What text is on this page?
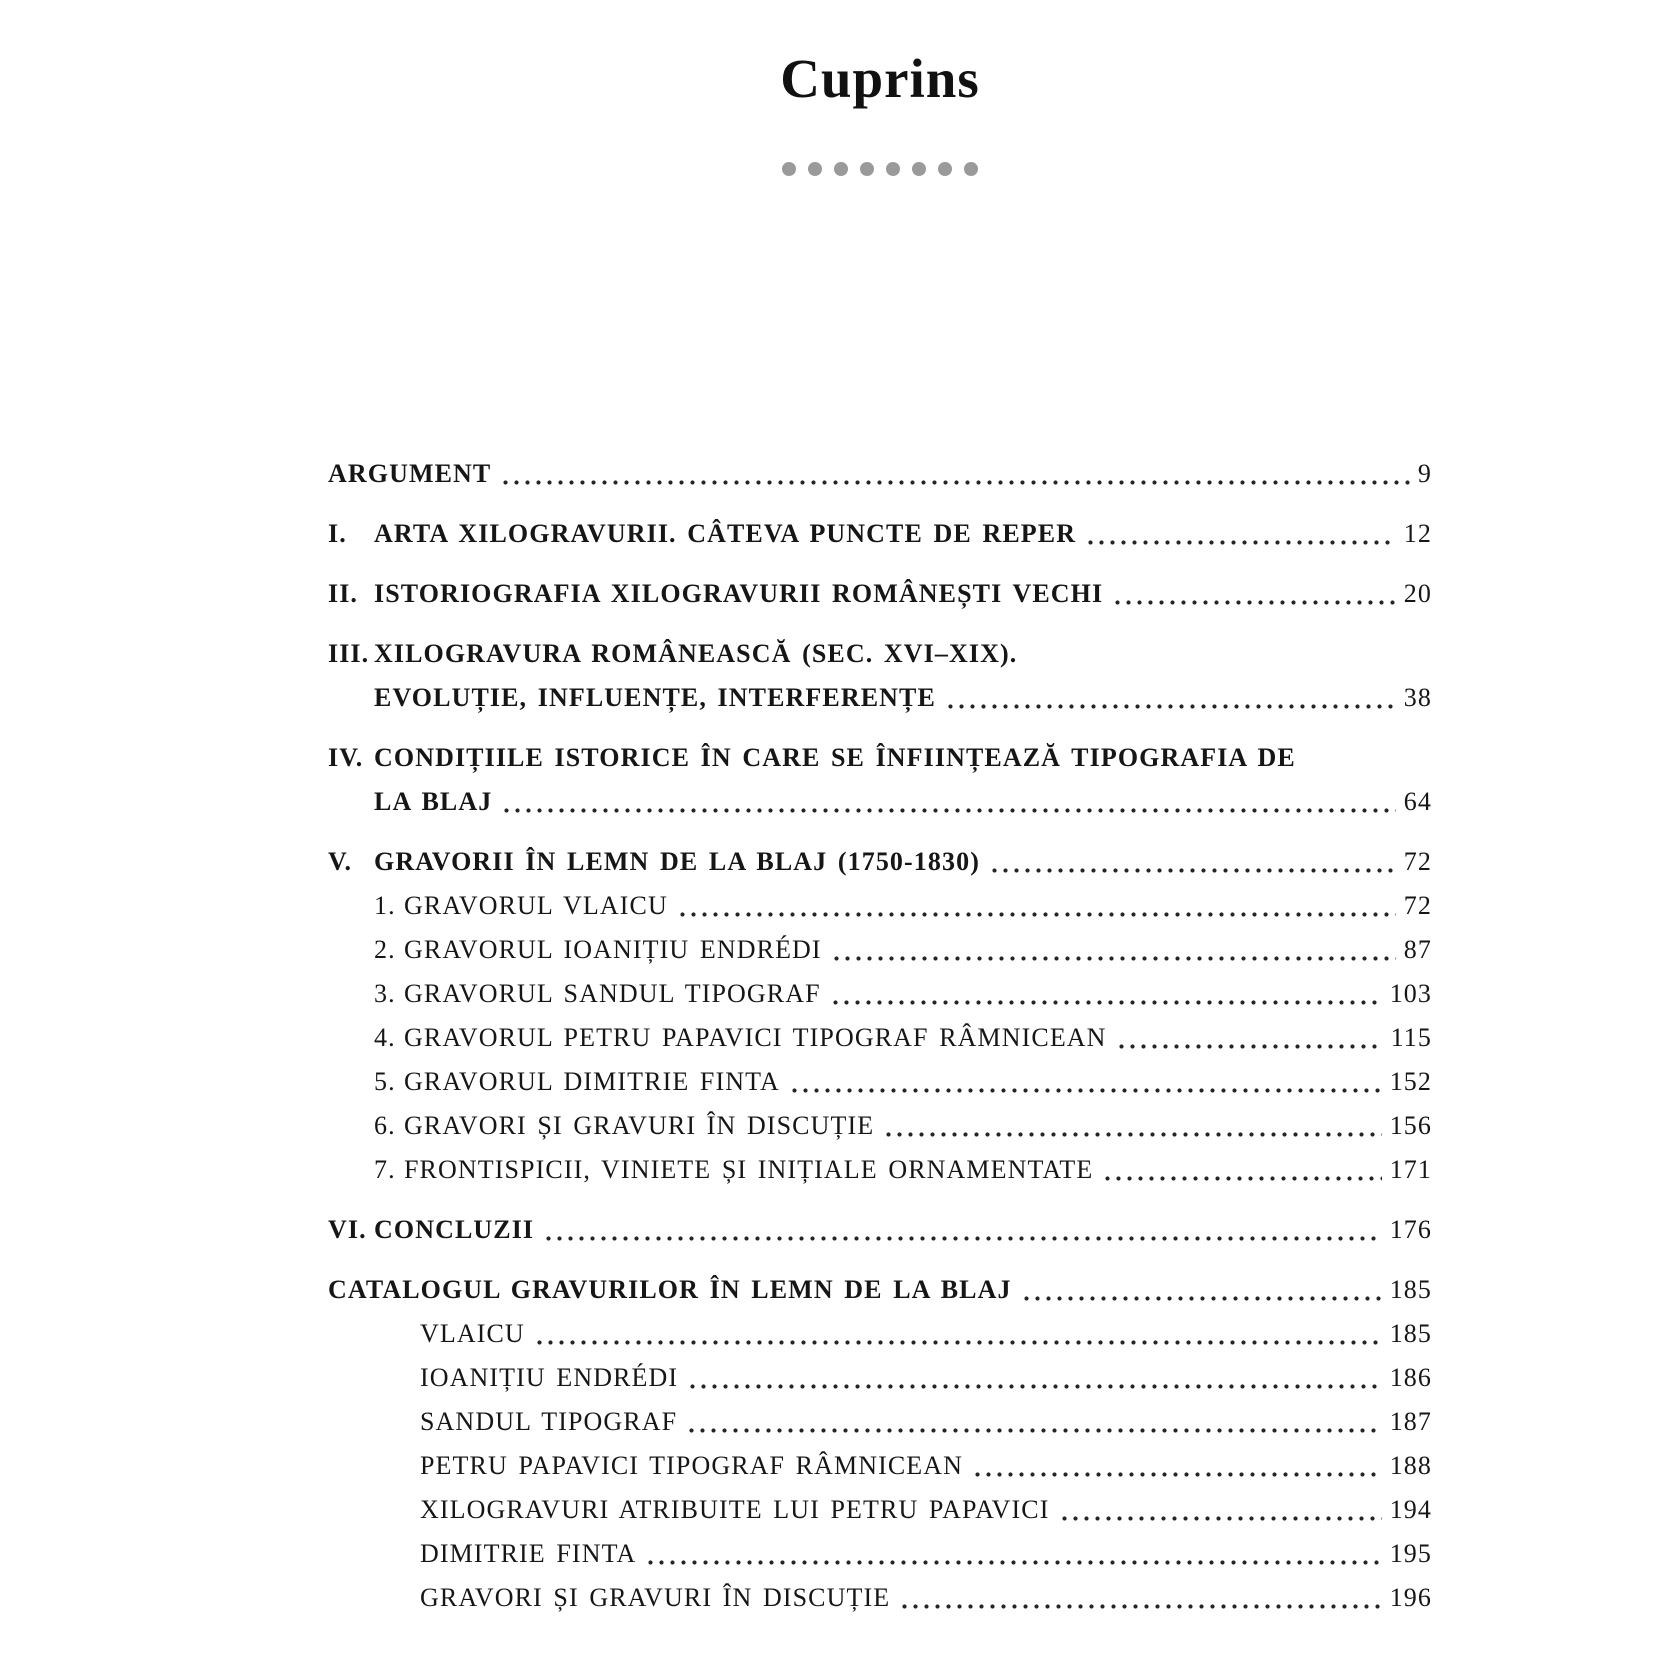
Cuprins
ARGUMENT	9
I.	ARTA XILOGRAVURII. CÂTEVA PUNCTE DE REPER	12
II. ISTORIOGRAFIA XILOGRAVURII ROMÂNEȘTI VECHI	20
III. XILOGRAVURA ROMÂNEASCĂ (SEC. XVI–XIX).
EVOLUȚIE, INFLUENȚE, INTERFERENȚE	38
IV. CONDIȚIILE ISTORICE ÎN CARE SE ÎNFIINȚEAZĂ TIPOGRAFIA DE
LA BLAJ	64
V. GRAVORII ÎN LEMN DE LA BLAJ (1750-1830)	72
1. GRAVORUL VLAICU	72
2. GRAVORUL IOANIȚIU ENDRÉDI	87
3. GRAVORUL SANDUL TIPOGRAF	103
4. GRAVORUL PETRU PAPAVICI TIPOGRAF RÂMNICEAN	115
5. GRAVORUL DIMITRIE FINTA	152
6. GRAVORI ȘI GRAVURI ÎN DISCUȚIE	156
7. FRONTISPICII, VINIETE ȘI INIȚIALE ORNAMENTATE	171
VI. CONCLUZII	176
CATALOGUL GRAVURILOR ÎN LEMN DE LA BLAJ	185
VLAICU	185
IOANIȚIU ENDRÉDI	186
SANDUL TIPOGRAF	187
PETRU PAPAVICI TIPOGRAF RÂMNICEAN	188
XILOGRAVURI ATRIBUITE LUI PETRU PAPAVICI	194
DIMITRIE FINTA	195
GRAVORI ȘI GRAVURI ÎN DISCUȚIE	196
